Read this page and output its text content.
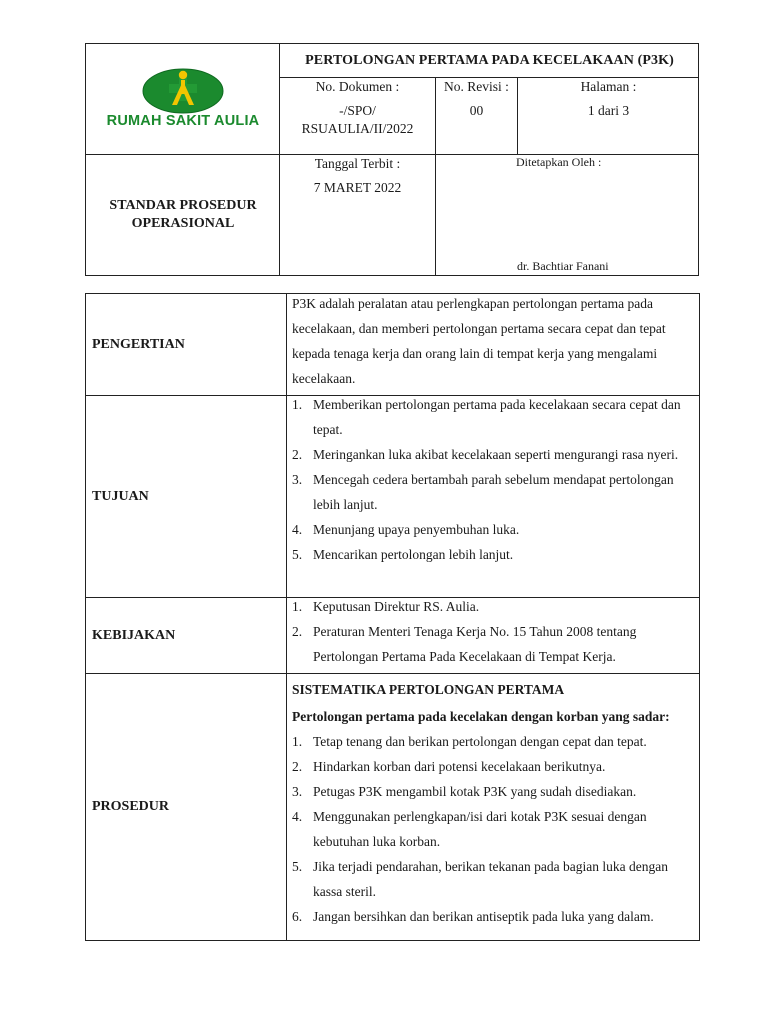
RUMAH SAKIT AULIA
PERTOLONGAN PERTAMA PADA KECELAKAAN (P3K)
No. Dokumen :
-/SPO/
RSUAULIA/II/2022
No. Revisi :
00
Halaman :
1 dari 3
STANDAR PROSEDUR
OPERASIONAL
Tanggal Terbit :
7 MARET 2022
Ditetapkan Oleh :
dr. Bachtiar Fanani
PENGERTIAN

P3K adalah peralatan atau perlengkapan pertolongan pertama pada kecelakaan, dan memberi pertolongan pertama secara cepat dan tepat kepada tenaga kerja dan orang lain di tempat kerja yang mengalami kecelakaan.

TUJUAN
1. Memberikan pertolongan pertama pada kecelakaan secara cepat dan tepat.
2. Meringankan luka akibat kecelakaan seperti mengurangi rasa nyeri.
3. Mencegah cedera bertambah parah sebelum mendapat pertolongan lebih lanjut.
4. Menunjang upaya penyembuhan luka.
5. Mencarikan pertolongan lebih lanjut.
KEBIJAKAN
1. Keputusan Direktur RS. Aulia.
2. Peraturan Menteri Tenaga Kerja No. 15 Tahun 2008 tentang Pertolongan Pertama Pada Kecelakaan di Tempat Kerja.
PROSEDUR

SISTEMATIKA PERTOLONGAN PERTAMA

Pertolongan pertama pada kecelakan dengan korban yang sadar:

1. Tetap tenang dan berikan pertolongan dengan cepat dan tepat.
2. Hindarkan korban dari potensi kecelakaan berikutnya.
3. Petugas P3K mengambil kotak P3K yang sudah disediakan.
4. Menggunakan perlengkapan/isi dari kotak P3K sesuai dengan kebutuhan luka korban.
5. Jika terjadi pendarahan, berikan tekanan pada bagian luka dengan kassa steril.
6. Jangan bersihkan dan berikan antiseptik pada luka yang dalam.
